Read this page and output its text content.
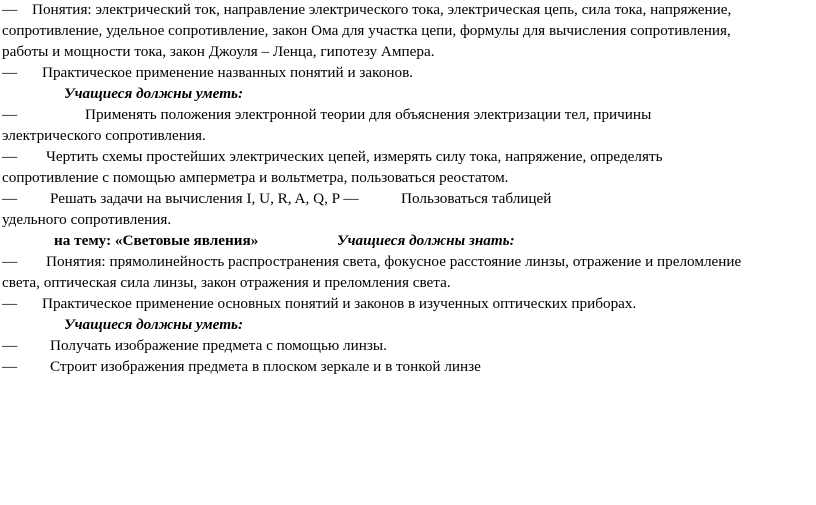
— Понятия: электрический ток, направление электрического тока, электрическая цепь, сила тока, напряжение,
сопротивление, удельное сопротивление, закон Ома для участка цепи, формулы для вычисления сопротивления,
работы и мощности тока, закон Джоуля – Ленца, гипотезу Ампера.
— Практическое применение названных понятий и законов.
Учащиеся должны уметь:
—	Применять положения электронной теории для объяснения электризации тел, причины
электрического сопротивления.
— Чертить схемы простейших электрических цепей, измерять силу тока, напряжение, определять
сопротивление с помощью амперметра и вольтметра, пользоваться реостатом.
— Решать задачи на вычисления I, U, R, A, Q, P —	Пользоваться таблицей
удельного сопротивления.
на тему: «Световые явления»	Учащиеся должны знать:
— Понятия: прямолинейность распространения света, фокусное расстояние линзы, отражение и преломление
света, оптическая сила линзы, закон отражения и преломления света.
— Практическое применение основных понятий и законов в изученных оптических приборах.
Учащиеся должны уметь:
— Получать изображение предмета с помощью линзы.
— Строит изображения предмета в плоском зеркале и в тонкой линзе
